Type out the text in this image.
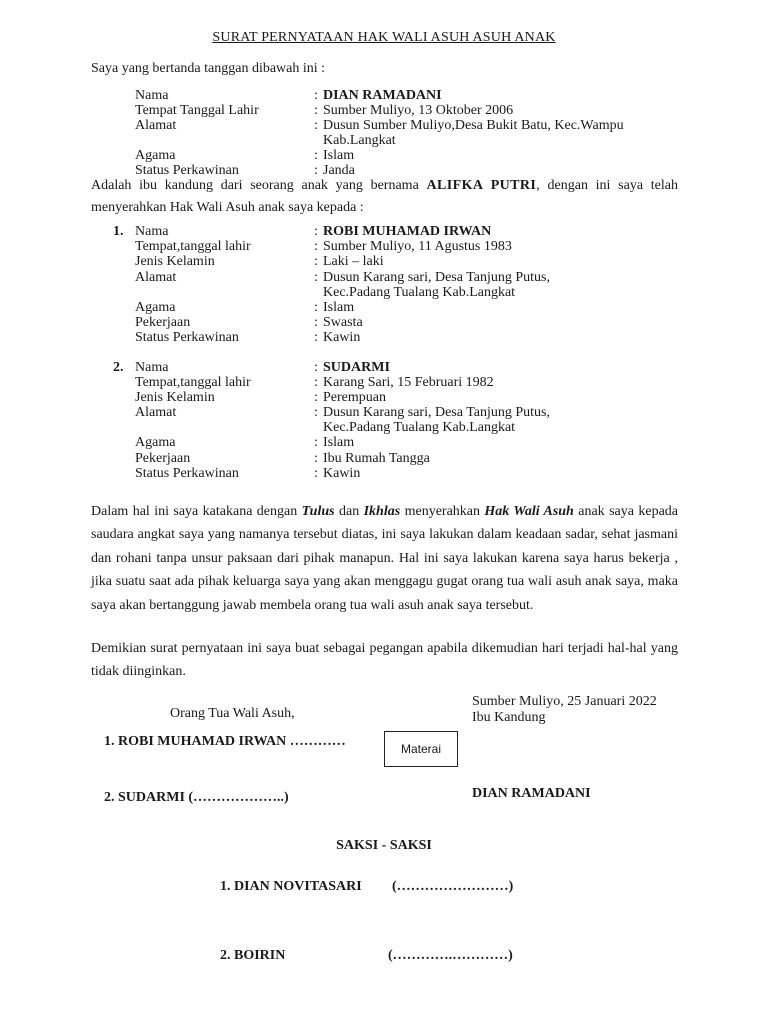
SURAT PERNYATAAN HAK WALI ASUH ASUH ANAK

Saya yang bertanda tanggan dibawah ini :

Nama	: DIAN RAMADANI
Tempat Tanggal Lahir	: Sumber Muliyo, 13 Oktober 2006
Alamat	: Dusun Sumber Muliyo,Desa Bukit Batu, Kec.Wampu
Kab.Langkat
Agama	: Islam
Status Perkawinan	: Janda

Adalah ibu kandung dari seorang anak yang bernama ALIFKA PUTRI, dengan ini saya telah menyerahkan Hak Wali Asuh anak saya kepada :

1. Nama	: ROBI MUHAMAD IRWAN
Tempat,tanggal lahir	: Sumber Muliyo, 11 Agustus 1983
Jenis Kelamin	: Laki – laki
Alamat	: Dusun Karang sari, Desa Tanjung Putus,
Kec.Padang Tualang Kab.Langkat
Agama	: Islam
Pekerjaan	: Swasta
Status Perkawinan	: Kawin
2. Nama	: SUDARMI
Tempat,tanggal lahir	: Karang Sari, 15 Februari 1982
Jenis Kelamin	: Perempuan
Alamat	: Dusun Karang sari, Desa Tanjung Putus,
Kec.Padang Tualang Kab.Langkat
Agama	: Islam
Pekerjaan	: Ibu Rumah Tangga
Status Perkawinan	: Kawin

Dalam hal ini saya katakana dengan Tulus dan Ikhlas menyerahkan Hak Wali Asuh anak saya kepada saudara angkat saya yang namanya tersebut diatas, ini saya lakukan dalam keadaan sadar, sehat jasmani dan rohani tanpa unsur paksaan dari pihak manapun. Hal ini saya lakukan karena saya harus bekerja , jika suatu saat ada pihak keluarga saya yang akan menggagu gugat orang tua wali asuh anak saya, maka saya akan bertanggung jawab membela orang tua wali asuh anak saya tersebut.

Demikian surat pernyataan ini saya buat sebagai pegangan apabila dikemudian hari terjadi hal-hal yang tidak diinginkan.

Sumber Muliyo, 25 Januari 2022
Ibu Kandung
Orang Tua Wali Asuh,
1. ROBI MUHAMAD IRWAN …………	Materai
2. SUDARMI (………………..)	DIAN RAMADANI
SAKSI - SAKSI
1. DIAN NOVITASARI (……………………)
2. BOIRIN	(………….…………)
